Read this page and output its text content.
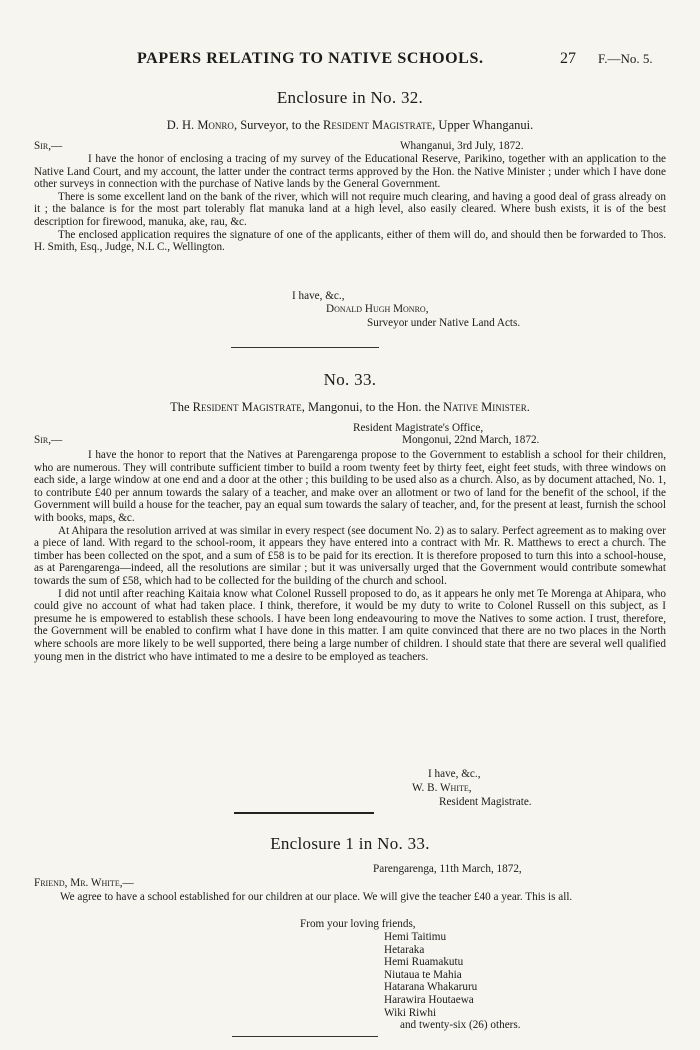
PAPERS RELATING TO NATIVE SCHOOLS.	27 F.—No. 5.
Enclosure in No. 32.
D. H. Monro, Surveyor, to the Resident Magistrate, Upper Whanganui.
Sir,—	Whanganui, 3rd July, 1872.

I have the honor of enclosing a tracing of my survey of the Educational Reserve, Parikino, together with an application to the Native Land Court, and my account, the latter under the contract terms approved by the Hon. the Native Minister ; under which I have done other surveys in connection with the purchase of Native lands by the General Government.

There is some excellent land on the bank of the river, which will not require much clearing, and having a good deal of grass already on it ; the balance is for the most part tolerably flat manuka land at a high level, also easily cleared. Where bush exists, it is of the best description for firewood, manuka, ake, rau, &c.

The enclosed application requires the signature of one of the applicants, either of them will do, and should then be forwarded to Thos. H. Smith, Esq., Judge, N.L C., Wellington.

I have, &c.,
Donald Hugh Monro,
Surveyor under Native Land Acts.
No. 33.
The Resident Magistrate, Mangonui, to the Hon. the Native Minister.
Resident Magistrate's Office,
Sir,—	Mongonui, 22nd March, 1872.

I have the honor to report that the Natives at Parengarenga propose to the Government to establish a school for their children, who are numerous. They will contribute sufficient timber to build a room twenty feet by thirty feet, eight feet studs, with three windows on each side, a large window at one end and a door at the other ; this building to be used also as a church. Also, as by document attached, No. 1, to contribute £40 per annum towards the salary of a teacher, and make over an allotment or two of land for the benefit of the school, if the Government will build a house for the teacher, pay an equal sum towards the salary of teacher, and, for the present at least, furnish the school with books, maps, &c.

At Ahipara the resolution arrived at was similar in every respect (see document No. 2) as to salary. Perfect agreement as to making over a piece of land. With regard to the school-room, it appears they have entered into a contract with Mr. R. Matthews to erect a church. The timber has been collected on the spot, and a sum of £58 is to be paid for its erection. It is therefore proposed to turn this into a school-house, as at Parengarenga—indeed, all the resolutions are similar ; but it was universally urged that the Government would contribute somewhat towards the sum of £58, which had to be collected for the building of the church and school.

I did not until after reaching Kaitaia know what Colonel Russell proposed to do, as it appears he only met Te Morenga at Ahipara, who could give no account of what had taken place. I think, therefore, it would be my duty to write to Colonel Russell on this subject, as I presume he is empowered to establish these schools. I have been long endeavouring to move the Natives to some action. I trust, therefore, the Government will be enabled to confirm what I have done in this matter. I am quite convinced that there are no two places in the North where schools are more likely to be well supported, there being a large number of children. I should state that there are several well qualified young men in the district who have intimated to me a desire to be employed as teachers.

I have, &c.,
W. B. White,
Resident Magistrate.
Enclosure 1 in No. 33.
Parengarenga, 11th March, 1872,
Friend, Mr. White,—

We agree to have a school established for our children at our place. We will give the teacher £40 a year. This is all.

From your loving friends,
Hemi Taitimu
Hetaraka
Hemi Ruamakutu
Niutaua te Mahia
Hatarana Whakaruru
Harawira Houtaewa
Wiki Riwhi
and twenty-six (26) others.
